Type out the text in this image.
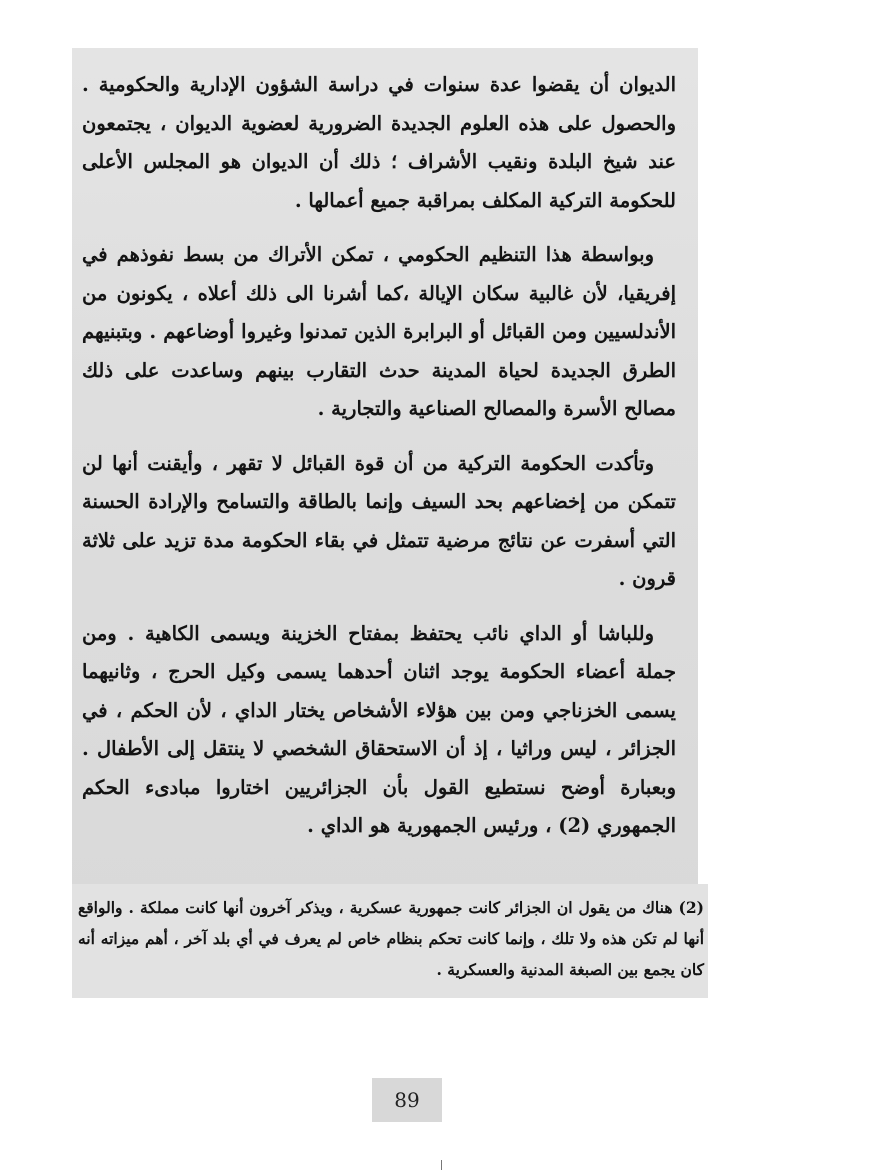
الديوان أن يقضوا عدة سنوات في دراسة الشؤون الإدارية والحكومية . والحصول على هذه العلوم الجديدة الضرورية لعضوية الديوان ، يجتمعون عند شيخ البلدة ونقيب الأشراف ؛ ذلك أن الديوان هو المجلس الأعلى للحكومة التركية المكلف بمراقبة جميع أعمالها .

وبواسطة هذا التنظيم الحكومي ، تمكن الأتراك من بسط نفوذهم في إفريقيا، لأن غالبية سكان الإيالة ،كما أشرنا الى ذلك أعلاه ، يكونون من الأندلسيين ومن القبائل أو البرابرة الذين تمدنوا وغيروا أوضاعهم . وبتبنيهم الطرق الجديدة لحياة المدينة حدث التقارب بينهم وساعدت على ذلك مصالح الأسرة والمصالح الصناعية والتجارية .

وتأكدت الحكومة التركية من أن قوة القبائل لا تقهر ، وأيقنت أنها لن تتمكن من إخضاعهم بحد السيف وإنما بالطاقة والتسامح والإرادة الحسنة التي أسفرت عن نتائج مرضية تتمثل في بقاء الحكومة مدة تزيد على ثلاثة قرون .

وللباشا أو الداي نائب يحتفظ بمفتاح الخزينة ويسمى الكاهية . ومن جملة أعضاء الحكومة يوجد اثنان أحدهما يسمى وكيل الحرج ، وثانيهما يسمى الخزناجي ومن بين هؤلاء الأشخاص يختار الداي ، لأن الحكم ، في الجزائر ، ليس وراثيا ، إذ أن الاستحقاق الشخصي لا ينتقل إلى الأطفال . وبعبارة أوضح نستطيع القول بأن الجزائريين اختاروا مبادىء الحكم الجمهوري (2) ، ورئيس الجمهورية هو الداي .

(2) هناك من يقول ان الجزائر كانت جمهورية عسكرية ، ويذكر آخرون أنها كانت مملكة . والواقع أنها لم تكن هذه ولا تلك ، وإنما كانت تحكم بنظام خاص لم يعرف في أي بلد آخر ، أهم ميزاته أنه كان يجمع بين الصبغة المدنية والعسكرية .

89
